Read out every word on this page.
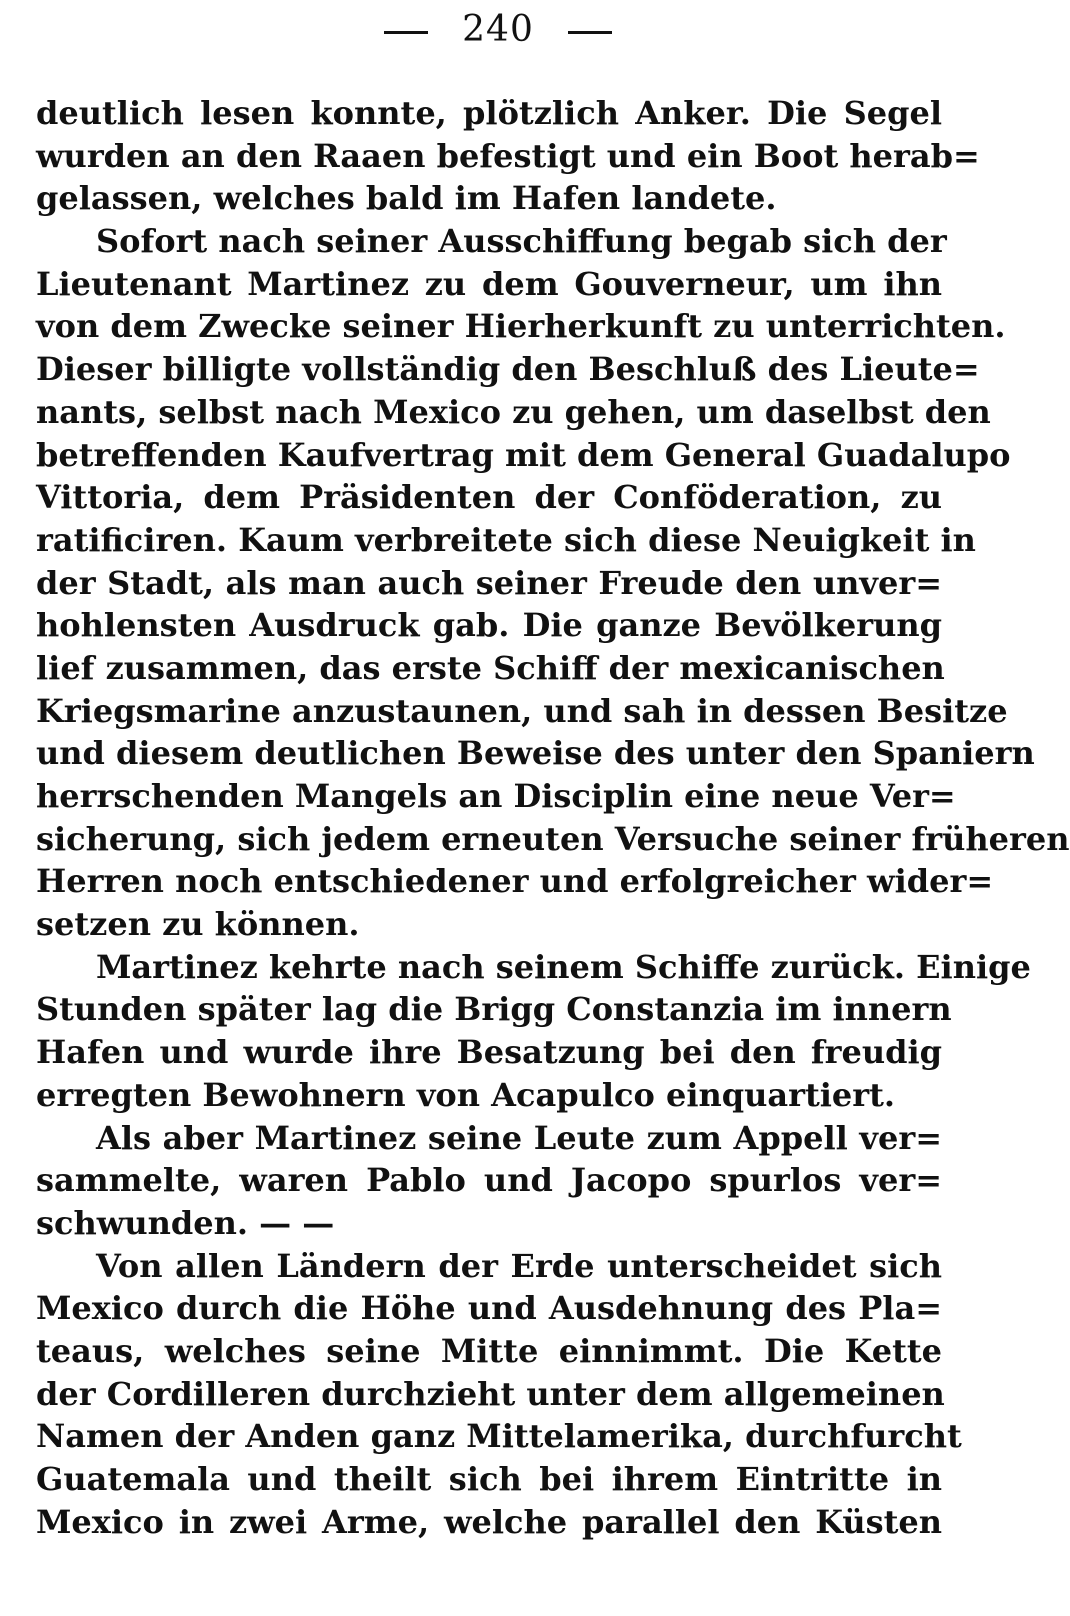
240
deutlich lesen konnte, plötzlich Anker. Die Segel
wurden an den Raaen befestigt und ein Boot herab=
gelassen, welches bald im Hafen landete.
Sofort nach seiner Ausschiffung begab sich der
Lieutenant Martinez zu dem Gouverneur, um ihn
von dem Zwecke seiner Hierherkunft zu unterrichten.
Dieser billigte vollständig den Beschluß des Lieute=
nants, selbst nach Mexico zu gehen, um daselbst den
betreffenden Kaufvertrag mit dem General Guadalupo
Vittoria, dem Präsidenten der Conföderation, zu
ratificiren. Kaum verbreitete sich diese Neuigkeit in
der Stadt, als man auch seiner Freude den unver=
hohlensten Ausdruck gab. Die ganze Bevölkerung
lief zusammen, das erste Schiff der mexicanischen
Kriegsmarine anzustaunen, und sah in dessen Besitze
und diesem deutlichen Beweise des unter den Spaniern
herrschenden Mangels an Disciplin eine neue Ver=
sicherung, sich jedem erneuten Versuche seiner früheren
Herren noch entschiedener und erfolgreicher wider=
setzen zu können.
Martinez kehrte nach seinem Schiffe zurück. Einige
Stunden später lag die Brigg Constanzia im innern
Hafen und wurde ihre Besatzung bei den freudig
erregten Bewohnern von Acapulco einquartiert.
Als aber Martinez seine Leute zum Appell ver=
sammelte, waren Pablo und Jacopo spurlos ver=
schwunden. — —
Von allen Ländern der Erde unterscheidet sich
Mexico durch die Höhe und Ausdehnung des Pla=
teaus, welches seine Mitte einnimmt. Die Kette
der Cordilleren durchzieht unter dem allgemeinen
Namen der Anden ganz Mittelamerika, durchfurcht
Guatemala und theilt sich bei ihrem Eintritte in
Mexico in zwei Arme, welche parallel den Küsten
